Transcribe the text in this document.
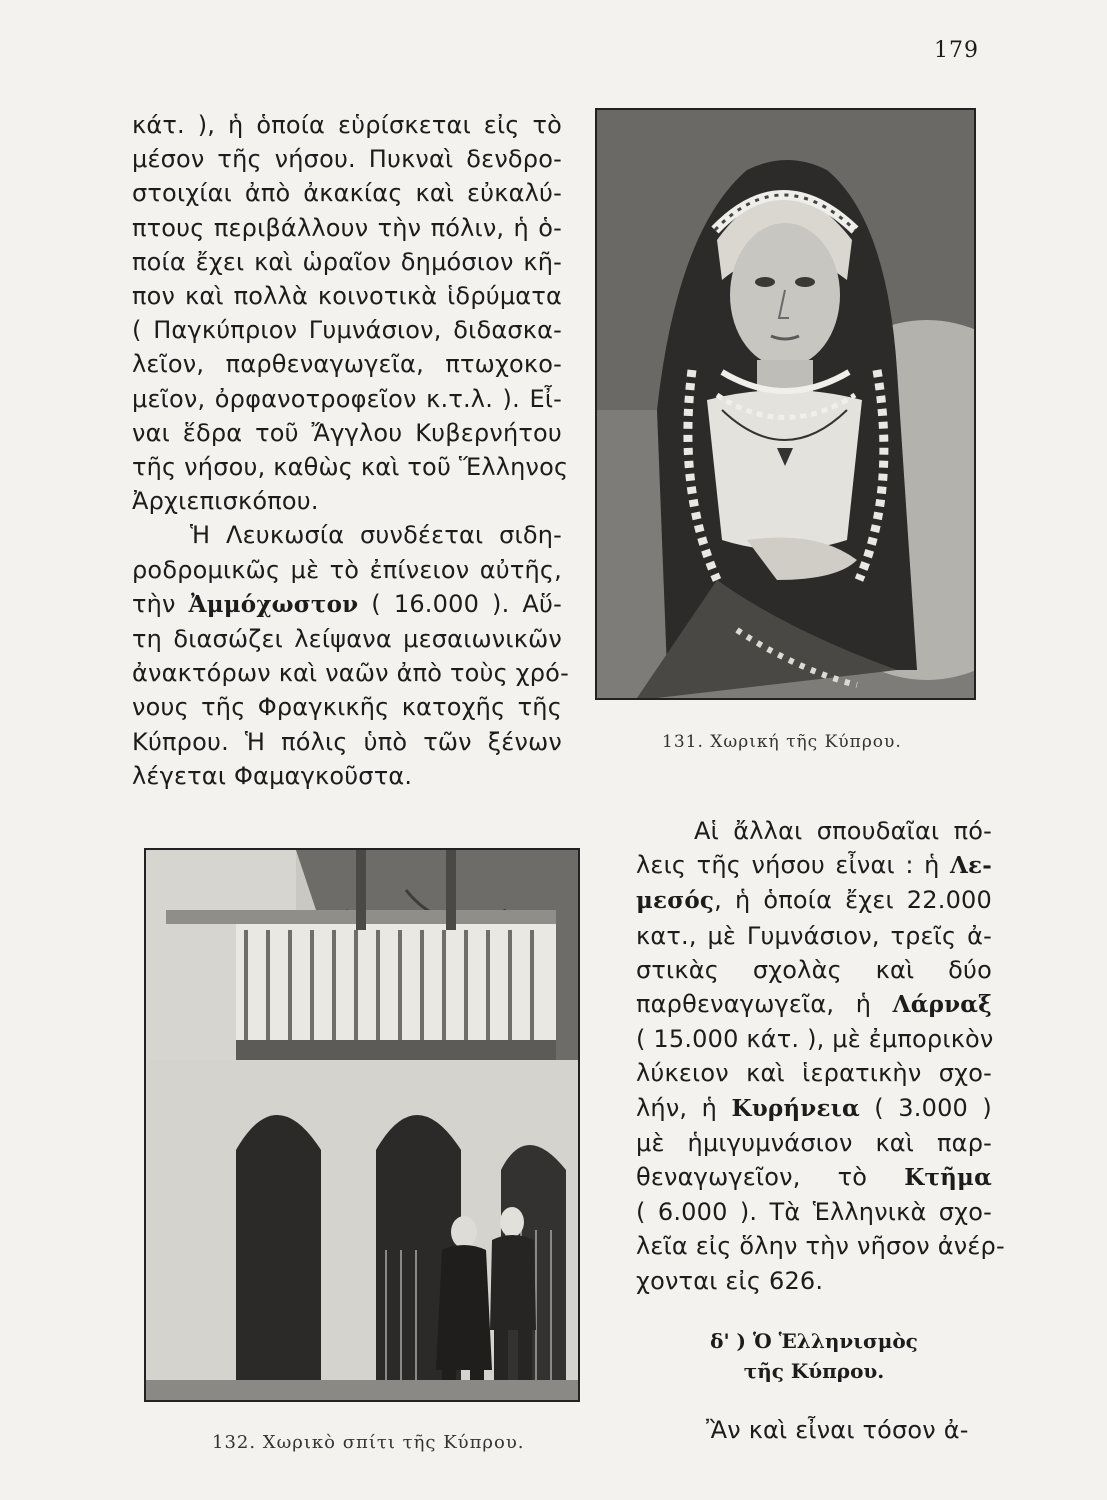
179
κάτ. ), ἡ ὁποία εὑρίσκεται εἰς τὸ
μέσον τῆς νήσου. Πυκναὶ δενδρο-
στοιχίαι ἀπὸ ἀκακίας καὶ εὐκαλύ-
πτους περιβάλλουν τὴν πόλιν, ἡ ὁ-
ποία ἔχει καὶ ὡραῖον δημόσιον κῆ-
πον καὶ πολλὰ κοινοτικὰ ἱδρύματα
( Παγκύπριον Γυμνάσιον, διδασκα-
λεῖον, παρθεναγωγεῖα, πτωχοκο-
μεῖον, ὀρφανοτροφεῖον κ.τ.λ. ). Εἶ-
ναι ἕδρα τοῦ Ἄγγλου Κυβερνήτου
τῆς νήσου, καθὼς καὶ τοῦ Ἕλληνος
Ἀρχιεπισκόπου.
Ἡ Λευκωσία συνδέεται σιδη-
ροδρομικῶς μὲ τὸ ἐπίνειον αὐτῆς,
τὴν Ἀμμόχωστον ( 16.000 ). Αὕ-
τη διασώζει λείψανα μεσαιωνικῶν
ἀνακτόρων καὶ ναῶν ἀπὸ τοὺς χρό-
νους τῆς Φραγκικῆς κατοχῆς τῆς
Κύπρου. Ἡ πόλις ὑπὸ τῶν ξένων
λέγεται Φαμαγκοῦστα.
131. Χωρική τῆς Κύπρου.
132. Χωρικὸ σπίτι τῆς Κύπρου.
Αἱ ἄλλαι σπουδαῖαι πό-
λεις τῆς νήσου εἶναι : ἡ Λε-
μεσός, ἡ ὁποία ἔχει 22.000
κατ., μὲ Γυμνάσιον, τρεῖς ἀ-
στικὰς σχολὰς καὶ δύο
παρθεναγωγεῖα, ἡ Λάρναξ
( 15.000 κάτ. ), μὲ ἐμπορικὸν
λύκειον καὶ ἱερατικὴν σχο-
λήν, ἡ Κυρήνεια ( 3.000 )
μὲ ἡμιγυμνάσιον καὶ παρ-
θεναγωγεῖον, τὸ Κτῆμα
( 6.000 ). Τὰ Ἑλληνικὰ σχο-
λεῖα εἰς ὅλην τὴν νῆσον ἀνέρ-
χονται εἰς 626.
δ' ) Ὁ Ἑλληνισμὸς
τῆς Κύπρου.
Ἂν καὶ εἶναι τόσον ἀ-
